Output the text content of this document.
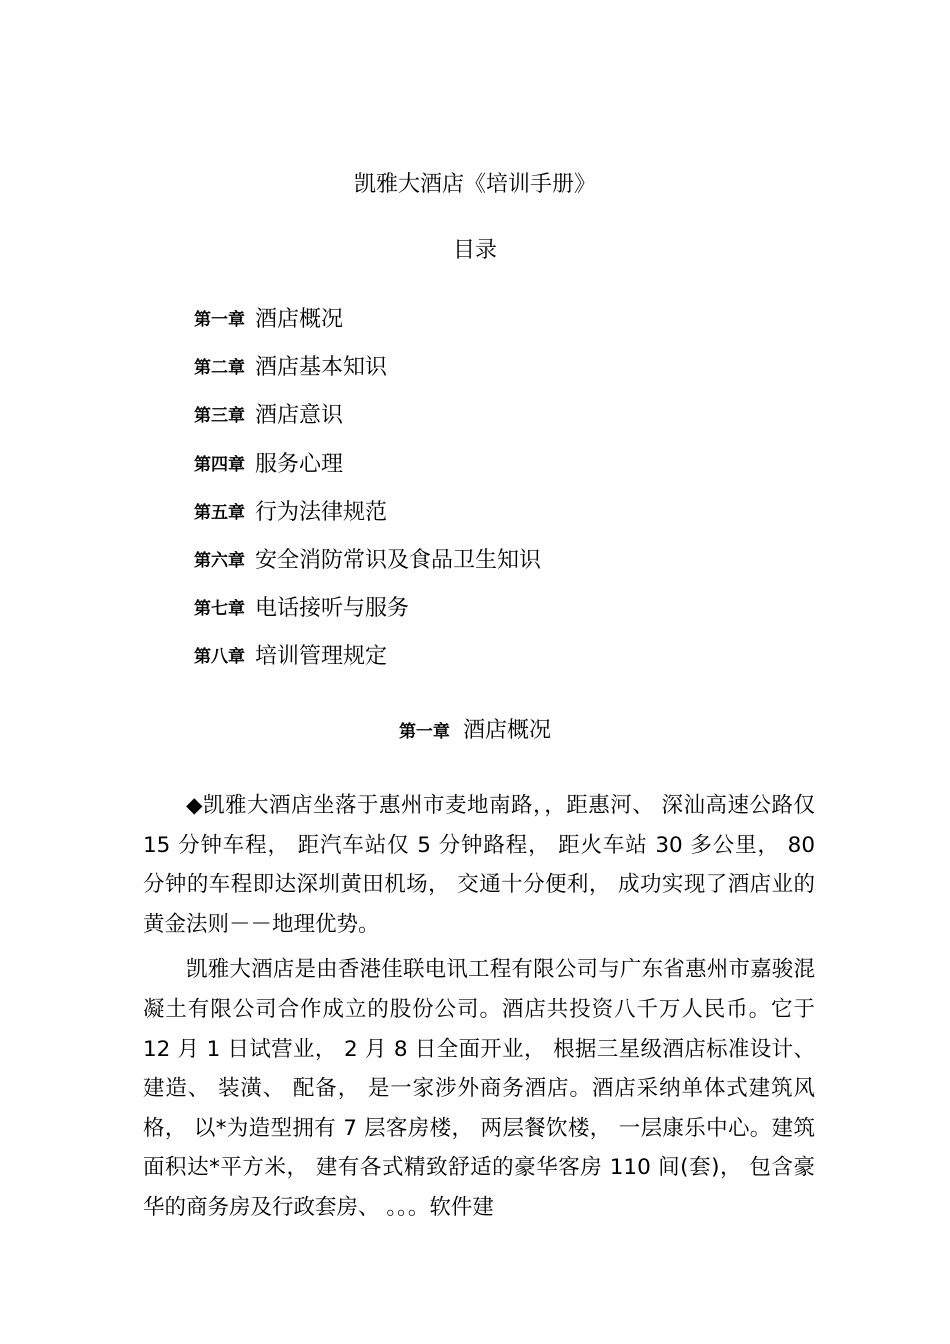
凯雅大酒店《培训手册》
目录
第一章 酒店概况
第二章 酒店基本知识
第三章 酒店意识
第四章 服务心理
第五章 行为法律规范
第六章 安全消防常识及食品卫生知识
第七章 电话接听与服务
第八章 培训管理规定
第一章 酒店概况

◆凯雅大酒店坐落于惠州市麦地南路，，距惠河、 深汕高速公路仅 15 分钟车程， 距汽车站仅 5 分钟路程， 距火车站 30 多公里， 80 分钟的车程即达深圳黄田机场， 交通十分便利， 成功实现了酒店业的黄金法则－－地理优势。

凯雅大酒店是由香港佳联电讯工程有限公司与广东省惠州市嘉骏混凝土有限公司合作成立的股份公司。酒店共投资八千万人民币。它于 12 月 1 日试营业， 2 月 8 日全面开业， 根据三星级酒店标准设计、 建造、 装潢、 配备， 是一家涉外商务酒店。酒店采纳单体式建筑风格， 以*为造型拥有 7 层客房楼， 两层餐饮楼， 一层康乐中心。建筑面积达*平方米， 建有各式精致舒适的豪华客房 110 间(套)， 包含豪华的商务房及行政套房、 。。。软件建
